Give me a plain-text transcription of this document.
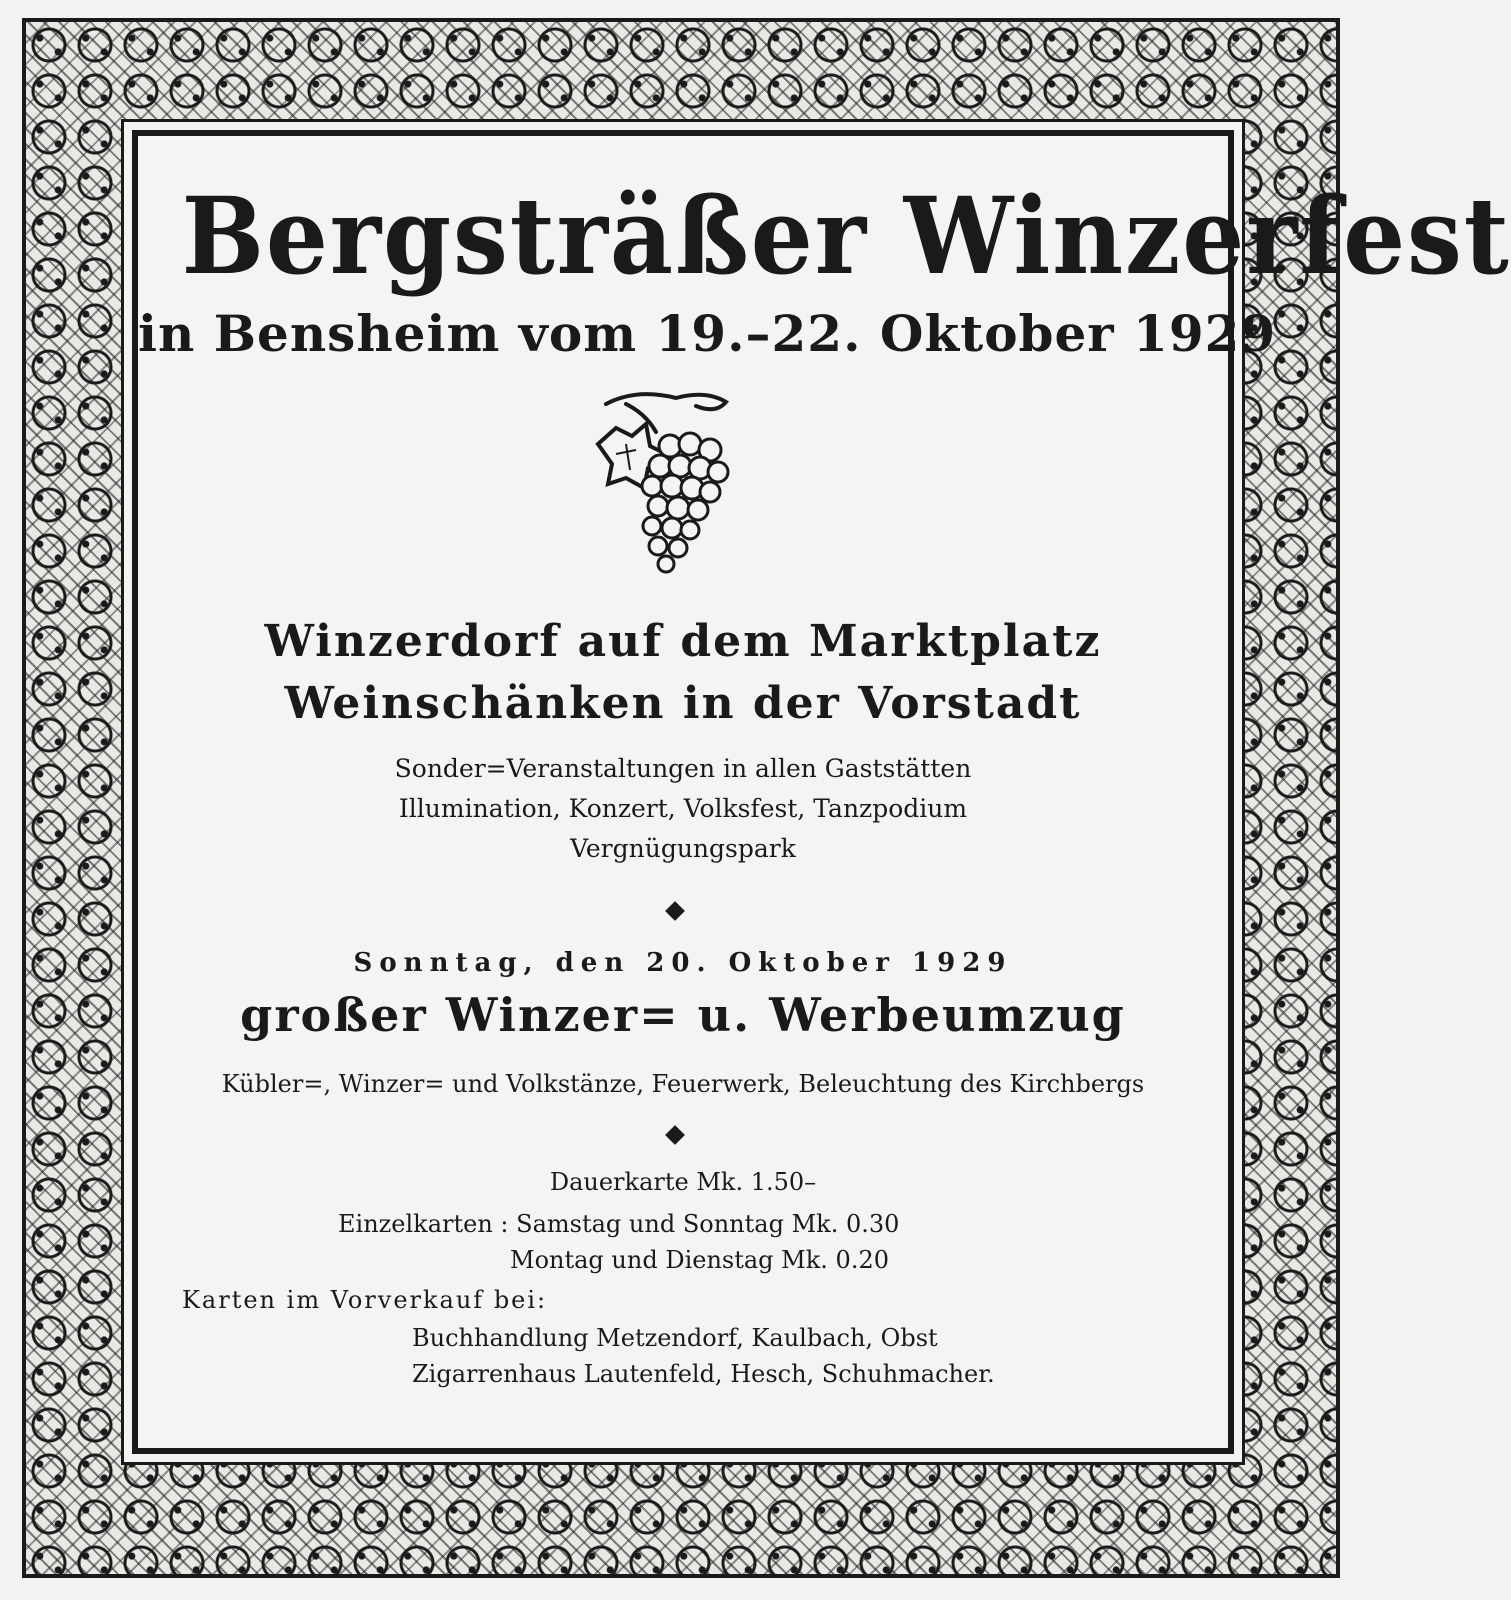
Bergsträßer Winzerfest
in Bensheim vom 19.–22. Oktober 1929
Winzerdorf auf dem Marktplatz
Weinschänken in der Vorstadt
Sonder=Veranstaltungen in allen Gaststätten
Illumination, Konzert, Volksfest, Tanzpodium
Vergnügungspark
Sonntag, den 20. Oktober 1929
großer Winzer= u. Werbeumzug
Kübler=, Winzer= und Volkstänze, Feuerwerk, Beleuchtung des Kirchbergs
Dauerkarte Mk. 1.50–
Einzelkarten : Samstag und Sonntag Mk. 0.30
Montag und Dienstag Mk. 0.20
Karten im Vorverkauf bei:
Buchhandlung Metzendorf, Kaulbach, Obst
Zigarrenhaus Lautenfeld, Hesch, Schuhmacher.
